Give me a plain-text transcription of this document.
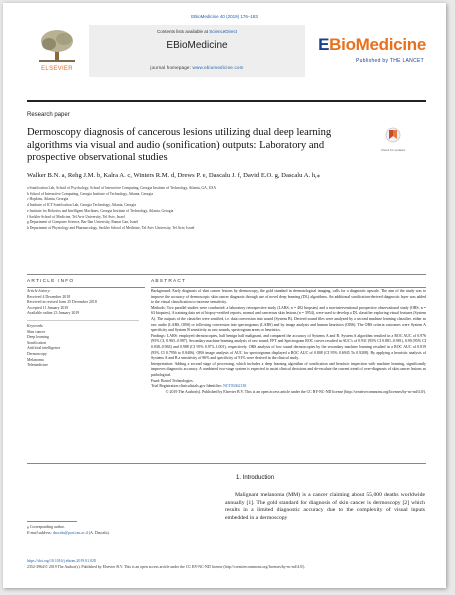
EBioMedicine 40 (2019) 176–183
ELSEVIER
Contents lists available at ScienceDirect
EBioMedicine
journal homepage: www.ebiomedicine.com
EBioMedicine
Published by THE LANCET
Research paper
Dermoscopy diagnosis of cancerous lesions utilizing dual deep learning algorithms via visual and audio (sonification) outputs: Laboratory and prospective observational studies
Check for updates
Walker B.N. a, Rehg J.M. b, Kalra A. c, Winters R.M. d, Drews P. e, Dascalu J. f, David E.O. g, Dascalu A. h,⁎
a Sonification Lab, School of Psychology, School of Interactive Computing, Georgia Institute of Technology, Atlanta, GA, USA
b School of Interactive Computing, Georgia Institute of Technology, Atlanta, Georgia
c Hopkins, Atlanta, Georgia
d Institute of ICT Sonification Lab, Georgia Technology, Atlanta, Georgia
e Institute for Robotics and Intelligent Machines, Georgia Institute of Technology, Atlanta, Georgia
f Sackler School of Medicine, Tel Aviv University, Tel Aviv, Israel
g Department of Computer Science, Bar-Ilan University, Ramat Gan, Israel
h Department of Physiology and Pharmacology, Sackler School of Medicine, Tel Aviv University, Tel Aviv, Israel
ARTICLE INFO	ABSTRACT
Article history:
Received 4 December 2018
Received in revised form 25 December 2018
Accepted 11 January 2019
Available online 23 January 2019
Keywords:
Skin cancer
Deep learning
Sonification
Artificial intelligence
Dermoscopy
Melanoma
Telemedicine

Background: Early diagnosis of skin cancer lesions by dermoscopy, the gold standard in dermatological imaging, calls for a diagnostic upscale. The aim of the study was to improve the accuracy of dermoscopic skin cancer diagnosis through use of novel deep learning (DL) algorithms. An additional sonification-derived diagnostic layer was added to the visual classification to increase sensitivity.

Methods: Two parallel studies were conducted: a laboratory retrospective study (LABS, n = 482 biopsies) and a non-interventional prospective observational study (OBS, n = 63 biopsies). A training data set of biopsy-verified reports, normal and cancerous skin lesions (n = 3954), were used to develop a DL classifier exploring visual features (System A). The outputs of the classifier were sonified, i.e. data conversion into sound (System B). Derived sound files were analyzed by a second machine learning classifier, either as raw audio (LABS, OBS) or following conversion into spectrograms (LABS) and by image analysis and human heuristics (OBS). The OBS criteria outcomes were System A specificity and System B sensitivity as raw sounds, spectrogram areas or heuristics.

Findings: LABS: employed dermoscopies, half benign half malignant, and compared the accuracy of Systems A and B. System A algorithm resulted in a ROC AUC of 0.976 (95% CI, 0.965–0.987). Secondary machine learning analysis of raw sound, FFT and Spectrogram ROC curves resulted in AUC's of 0.931 (95% CI 0.881–0.981), 0.90 (95% CI 0.838–0.963) and 0.988 (CI 95% 0.973–1.001), respectively. OBS analysis of low sound dermoscopies by the secondary machine learning resulted in a ROC AUC of 0.819 (95% CI 0.7956 to 0.8406). OBS image analysis of AUC for spectrograms displayed a ROC AUC of 0.808 (CI 95% 0.6945 To 0.9208). By applying a heuristic analysis of Systems A and B a sensitivity of 86% and specificity of 91% were derived in the clinical study.

Interpretation: Adding a second stage of processing, which includes a deep learning algorithm of sonification and heuristic inspection with machine learning, significantly improves diagnostic accuracy. A combined two-stage system is expected to assist clinical decisions and de-escalate the current trend of over-diagnosis of skin cancer lesions as pathological.

Fund: Bostel Technologies.

Trial Registration clinicaltrials.gov Identifier: NCT03362138

© 2019 The Author(s). Published by Elsevier B.V. This is an open access article under the CC BY-NC-ND license (http://creativecommons.org/licenses/by-nc-nd/4.0/).

1. Introduction

Malignant melanoma (MM) is a cancer claiming about 55,000 deaths worldwide annually [1]. The gold standard for diagnosis of skin cancer is dermoscopy [2] which results in a limited diagnostic accuracy due to the complexity of visual inputs embedded in a dermoscopy

⁎ Corresponding author.
E-mail address: dascalu@post.tau.ac.il (A. Dascalu).
https://doi.org/10.1016/j.ebiom.2019.01.028
2352-3964/© 2019 The Author(s). Published by Elsevier B.V. This is an open access article under the CC BY-NC-ND license (http://creativecommons.org/licenses/by-nc-nd/4.0/).
